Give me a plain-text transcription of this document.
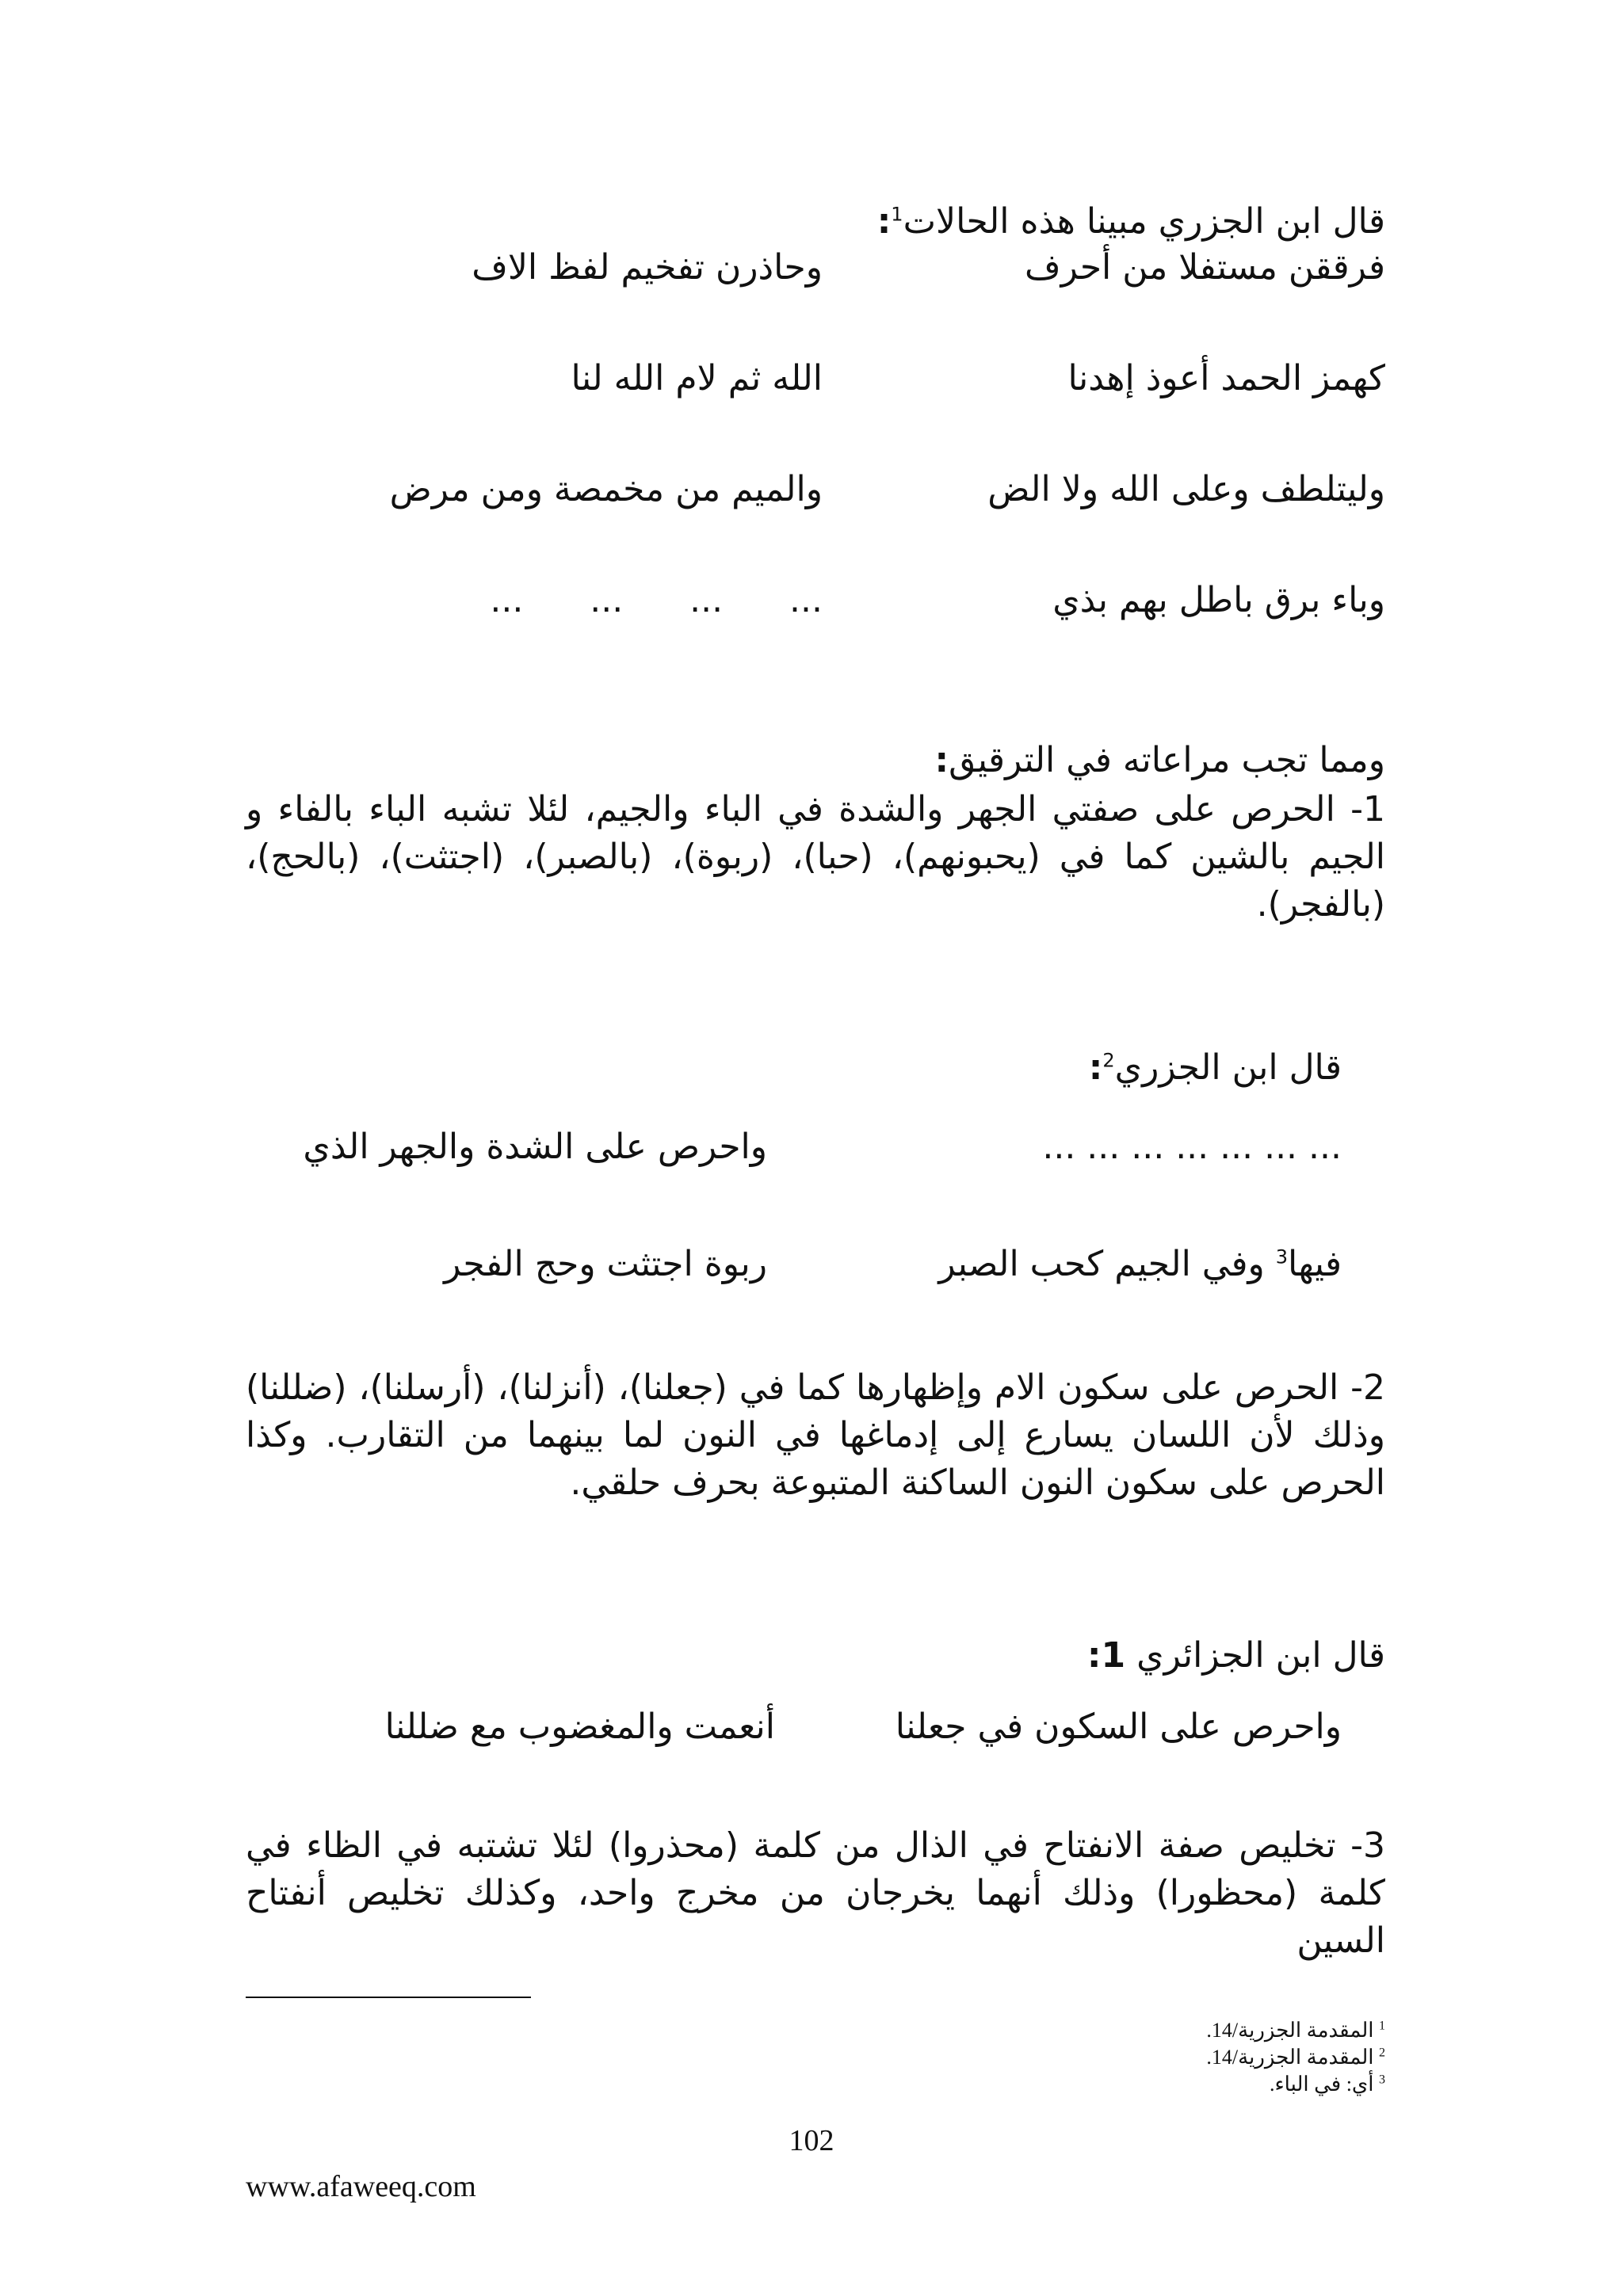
قال ابن الجزري مبينا هذه الحالات$^1$:
فرققن مستفلا من أحرف
وحاذرن تفخيم لفظ الاف
كهمز الحمد أعوذ إهدنا
الله ثم لام الله لنا
وليتلطف وعلى الله ولا الض
والميم من مخمصة ومن مرض
وباء برق باطل بهم بذي
...      ...      ...      ...
ومما تجب مراعاته في الترقيق:
1- الحرص على صفتي الجهر والشدة في الباء والجيم، لئلا تشبه الباء بالفاء و الجيم بالشين كما في (يحبونهم)، (حبا)، (ربوة)، (بالصبر)، (اجتثت)، (بالحج)، (بالفجر).
قال ابن الجزري$^2$:
... ... ... ... ... ... ...
واحرص على الشدة والجهر الذي
فيها$^3$ وفي الجيم كحب الصبر
ربوة اجتثت وحج الفجر
2- الحرص على سكون الام وإظهارها كما في (جعلنا)، (أنزلنا)، (أرسلنا)، (ضللنا) وذلك لأن اللسان يسارع إلى إدماغها في النون لما بينهما من التقارب. وكذا الحرص على سكون النون الساكنة المتبوعة بحرف حلقي.
قال ابن الجزائري 1:
واحرص على السكون في جعلنا
أنعمت والمغضوب مع ضللنا
3- تخليص صفة الانفتاح في الذال من كلمة (محذروا) لئلا تشتبه في الظاء في كلمة (محظورا) وذلك أنهما يخرجان من مخرج واحد، وكذلك تخليص أنفتاح السين
$^1$ المقدمة الجزرية/14.
$^2$ المقدمة الجزرية/14.
$^3$ أي: في الباء.
102
www.afaweeq.com
